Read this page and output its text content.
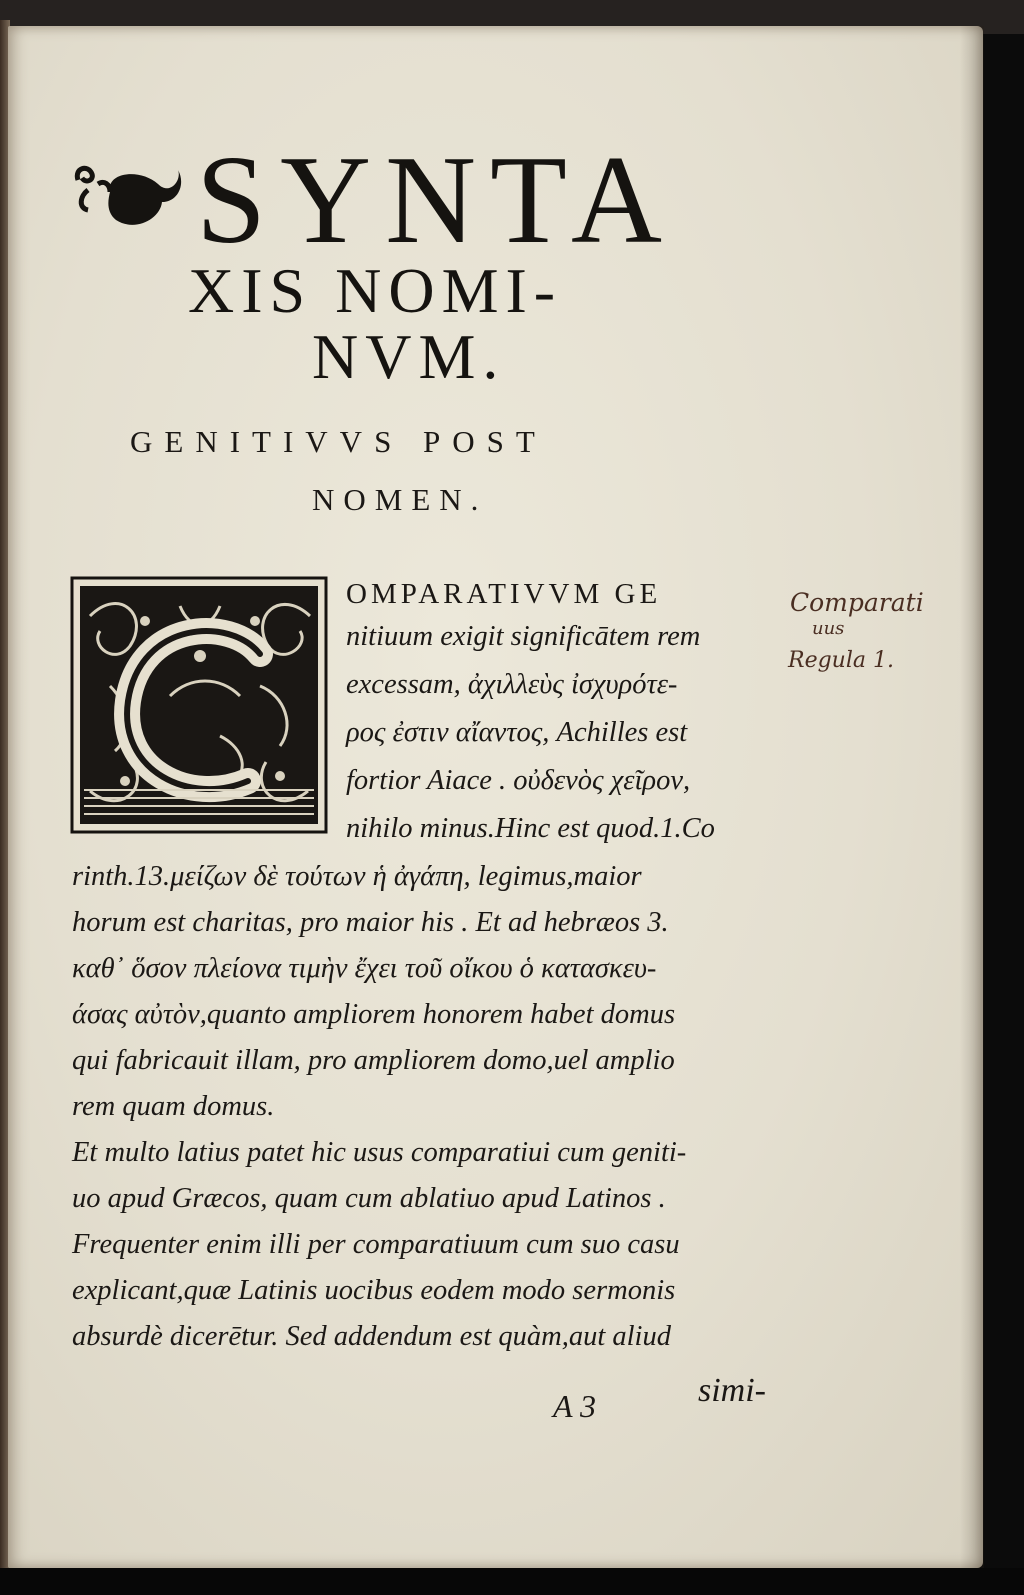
SYNTA
XIS NOMI-
NVM.
GENITIVVS POST
NOMEN.
OMPARATIVVM GE
nitiuum exigit significātem rem
excessam, ἀχιλλεὺς ἰσχυρότε-
ρος ἐστιν αἴαντος, Achilles est
fortior Aiace . οὐδενὸς χεῖρον,
nihilo minus.Hinc est quod.1.Co
rinth.13.μείζων δὲ τούτων ἡ ἀγάπη, legimus,maior
horum est charitas, pro maior his . Et ad hebræos 3.
καθ᾿ ὅσον πλείονα τιμὴν ἔχει τοῦ οἴκου ὁ κατασκευ-
άσας αὐτὸν,quanto ampliorem honorem habet domus
qui fabricauit illam, pro ampliorem domo,uel amplio
rem quam domus.
Et multo latius patet hic usus comparatiui cum geniti-
uo apud Græcos, quam cum ablatiuo apud Latinos .
Frequenter enim illi per comparatiuum cum suo casu
explicant,quæ Latinis uocibus eodem modo sermonis
absurdè dicerētur. Sed addendum est quàm,aut aliud
Comparati
uus
Regula 1.
A 3	simi-
